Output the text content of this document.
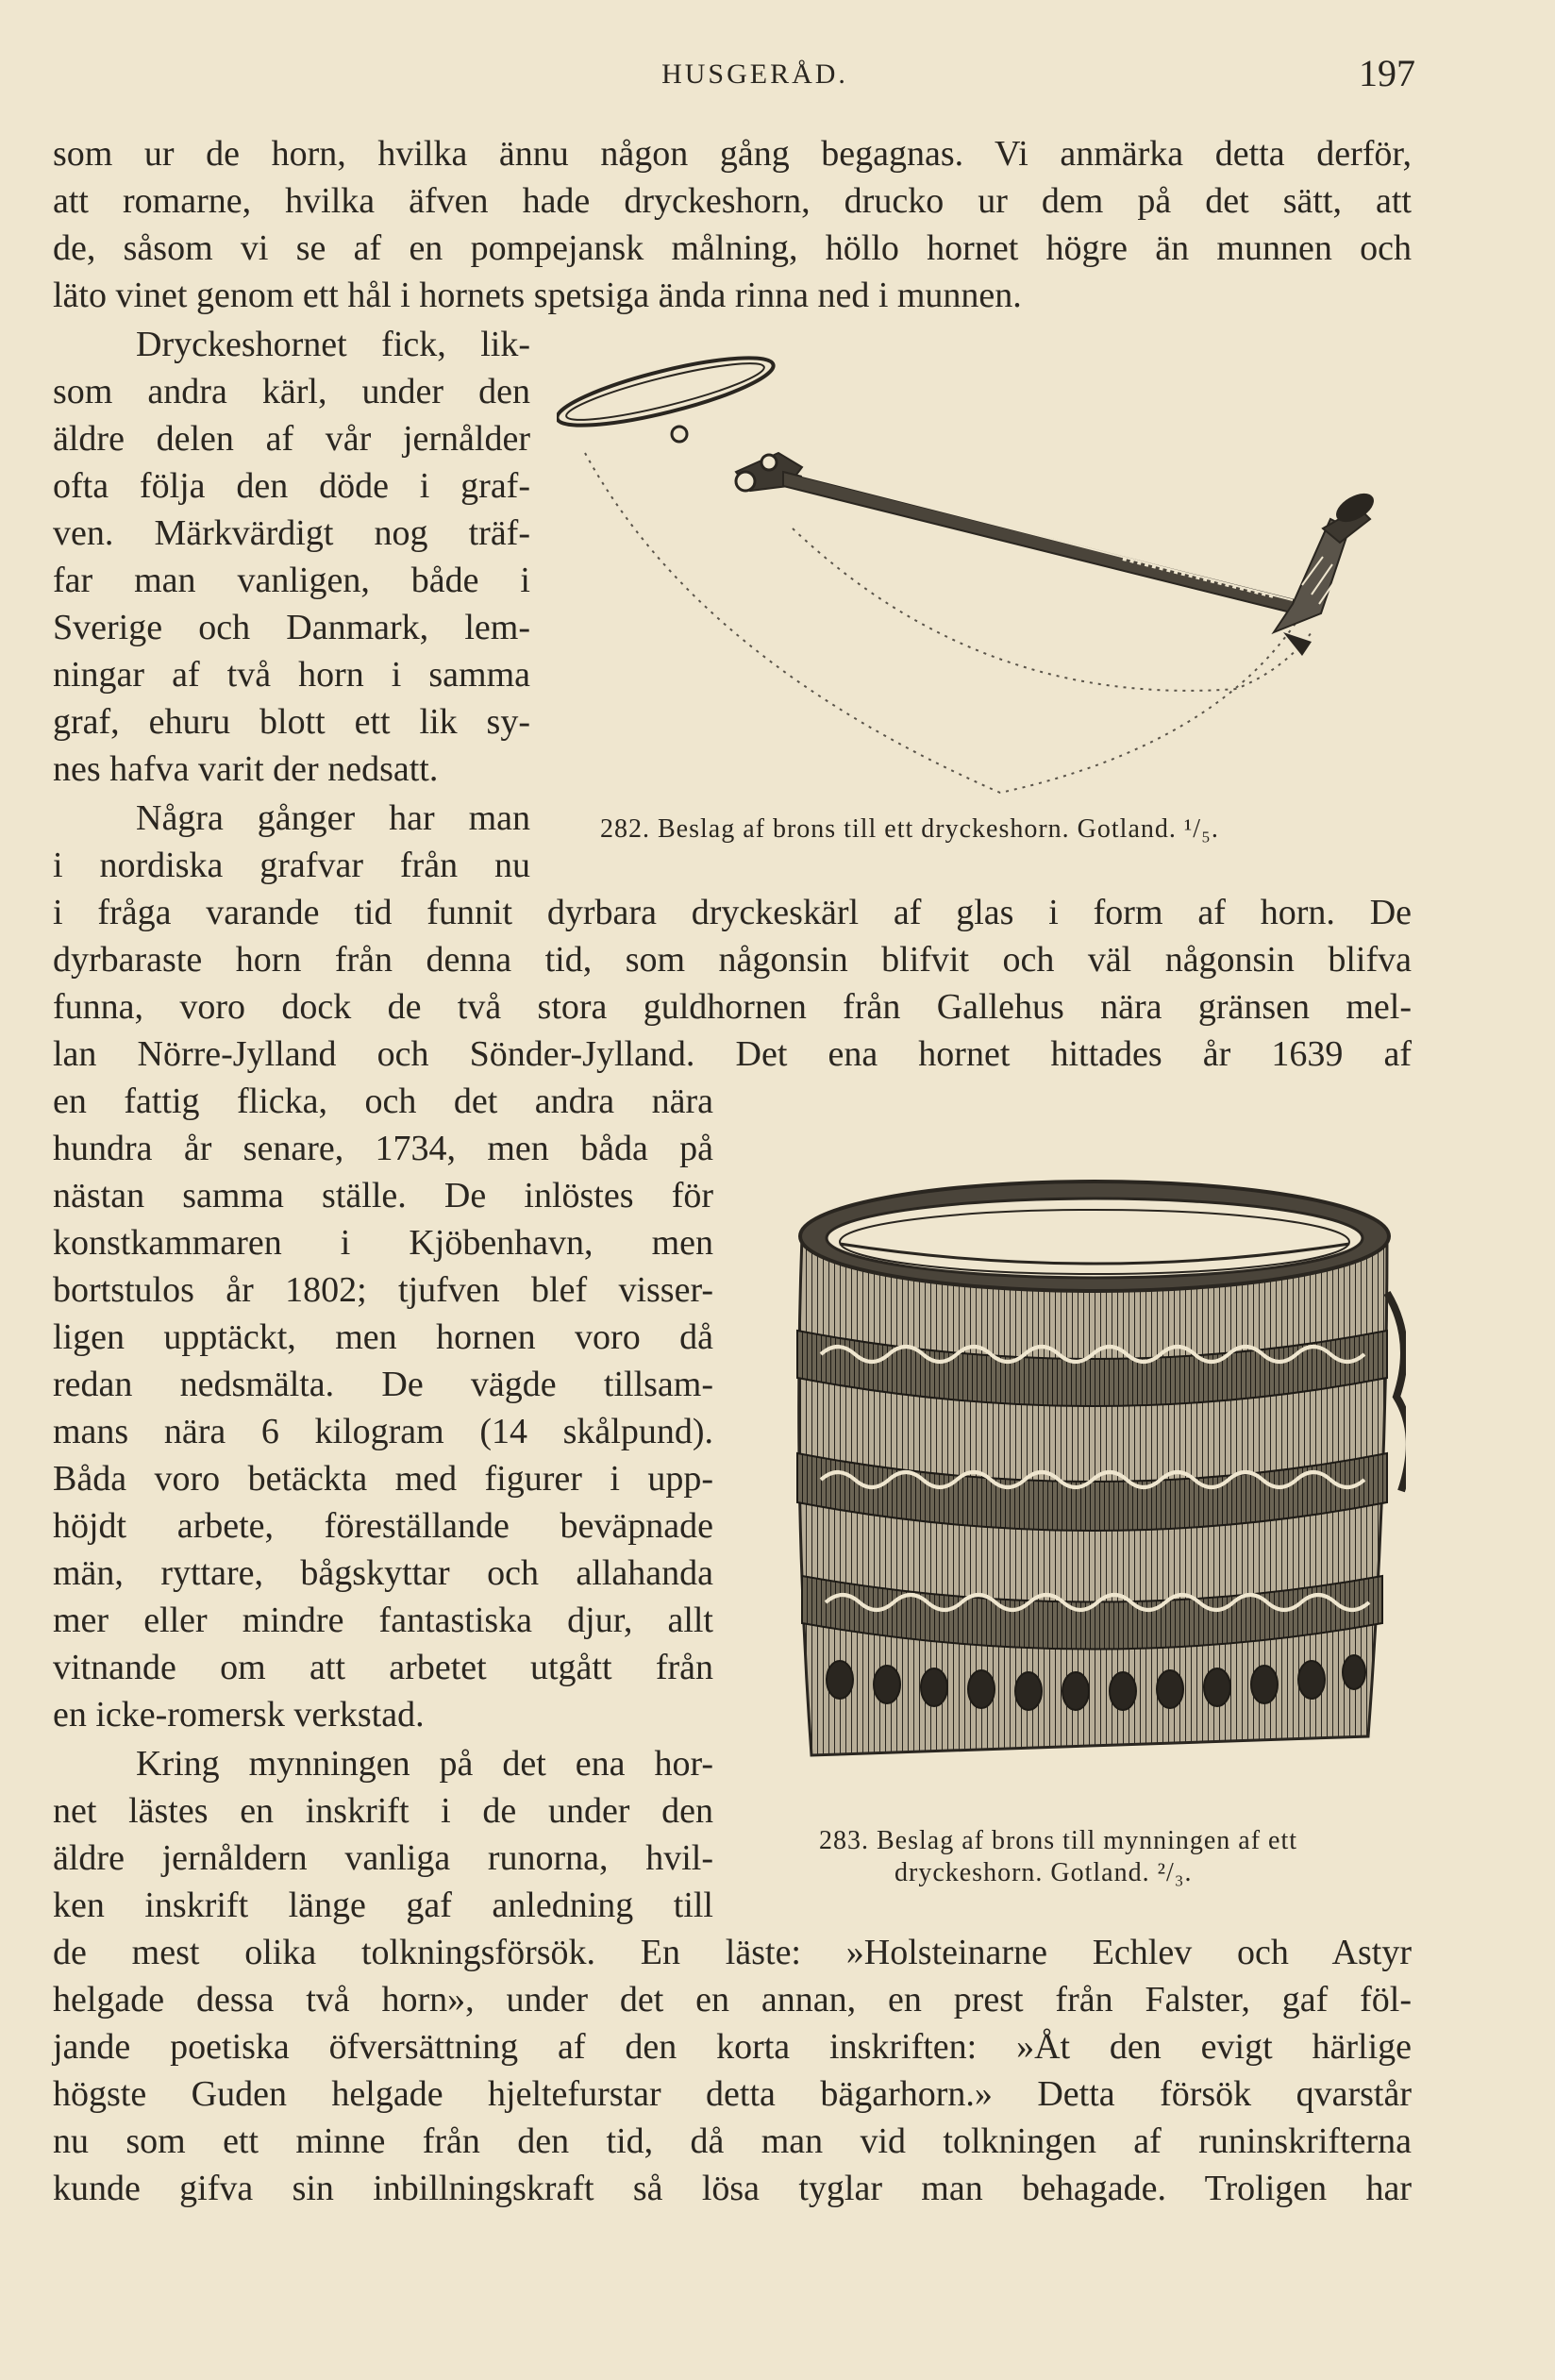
HUSGERÅD.	197
som ur de horn, hvilka ännu någon gång begagnas. Vi anmärka detta derför,
att romarne, hvilka äfven hade dryckeshorn, drucko ur dem på det sätt, att
de, såsom vi se af en pompejansk målning, höllo hornet högre än munnen och
läto vinet genom ett hål i hornets spetsiga ända rinna ned i munnen.
Dryckeshornet fick, lik-
som andra kärl, under den
äldre delen af vår jernålder
ofta följa den döde i graf-
ven. Märkvärdigt nog träf-
far man vanligen, både i
Sverige och Danmark, lem-
ningar af två horn i samma
graf, ehuru blott ett lik sy-
nes hafva varit der nedsatt.
Några gånger har man
i nordiska grafvar från nu
i fråga varande tid funnit dyrbara dryckeskärl af glas i form af horn. De
dyrbaraste horn från denna tid, som någonsin blifvit och väl någonsin blifva
funna, voro dock de två stora guldhornen från Gallehus nära gränsen mel-
lan Nörre-Jylland och Sönder-Jylland. Det ena hornet hittades år 1639 af
en fattig flicka, och det andra nära
hundra år senare, 1734, men båda på
nästan samma ställe. De inlöstes för
konstkammaren i Kjöbenhavn, men
bortstulos år 1802; tjufven blef visser-
ligen upptäckt, men hornen voro då
redan nedsmälta. De vägde tillsam-
mans nära 6 kilogram (14 skålpund).
Båda voro betäckta med figurer i upp-
höjdt arbete, föreställande beväpnade
män, ryttare, bågskyttar och allahanda
mer eller mindre fantastiska djur, allt
vitnande om att arbetet utgått från
en icke-romersk verkstad.
Kring mynningen på det ena hor-
net lästes en inskrift i de under den
äldre jernåldern vanliga runorna, hvil-
ken inskrift länge gaf anledning till
de mest olika tolkningsförsök. En läste: »Holsteinarne Echlev och Astyr
helgade dessa två horn», under det en annan, en prest från Falster, gaf föl-
jande poetiska öfversättning af den korta inskriften: »Åt den evigt härlige
högste Guden helgade hjeltefurstar detta bägarhorn.» Detta försök qvarstår
nu som ett minne från den tid, då man vid tolkningen af runinskrifterna
kunde gifva sin inbillningskraft så lösa tyglar man behagade. Troligen har
282. Beslag af brons till ett dryckeshorn. Gotland. ¹/₅.
283. Beslag af brons till mynningen af ett
dryckeshorn. Gotland. ²/₃.
